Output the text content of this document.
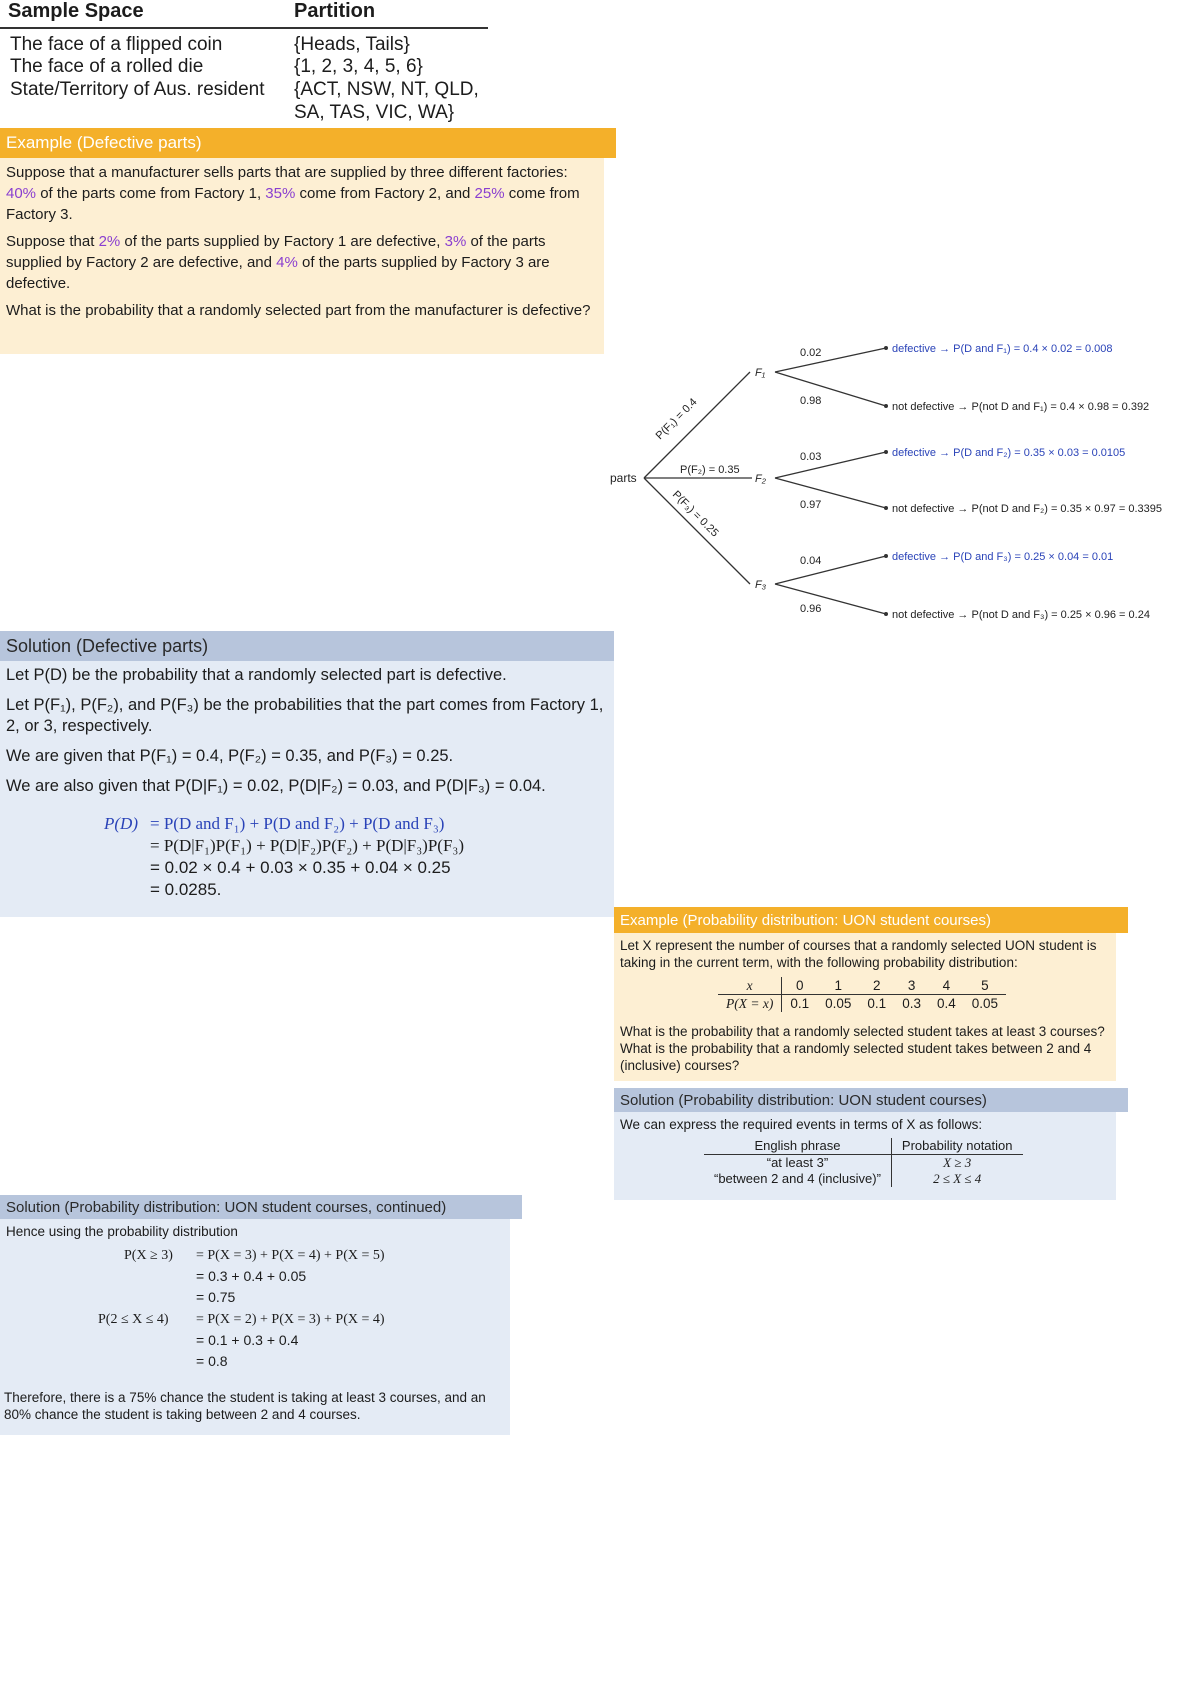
Sample Space	Partition
The face of a flipped coin	{Heads, Tails}
The face of a rolled die	{1, 2, 3, 4, 5, 6}
State/Territory of Aus. resident {ACT, NSW, NT, QLD,
SA, TAS, VIC, WA}
Example (Defective parts)

Suppose that a manufacturer sells parts that are supplied by three different factories: 40% of the parts come from Factory 1, 35% come from Factory 2, and 25% come from Factory 3.

Suppose that 2% of the parts supplied by Factory 1 are defective, 3% of the parts supplied by Factory 2 are defective, and 4% of the parts supplied by Factory 3 are defective.

What is the probability that a randomly selected part from the manufacturer is defective?

parts
P(F₁) = 0.4
P(F₂) = 0.35
P(F₃) = 0.25
F₁
F₂
F₃
0.02
0.98
0.03
0.97
0.04
0.96
defective → P(D and F₁) = 0.4 × 0.02 = 0.008
not defective → P(not D and F₁) = 0.4 × 0.98 = 0.392
defective → P(D and F₂) = 0.35 × 0.03 = 0.0105
not defective → P(not D and F₂) = 0.35 × 0.97 = 0.3395
defective → P(D and F₃) = 0.25 × 0.04 = 0.01
not defective → P(not D and F₃) = 0.25 × 0.96 = 0.24
Solution (Defective parts)

Let P(D) be the probability that a randomly selected part is defective.

Let P(F₁), P(F₂), and P(F₃) be the probabilities that the part comes from Factory 1, 2, or 3, respectively.

We are given that P(F₁) = 0.4, P(F₂) = 0.35, and P(F₃) = 0.25.

We are also given that P(D|F₁) = 0.02, P(D|F₂) = 0.03, and P(D|F₃) = 0.04.

P(D) = P(D and F₁) + P(D and F₂) + P(D and F₃)
= P(D|F₁)P(F₁) + P(D|F₂)P(F₂) + P(D|F₃)P(F₃)
= 0.02 × 0.4 + 0.03 × 0.35 + 0.04 × 0.25
= 0.0285.
Example (Probability distribution: UON student courses)

Let X represent the number of courses that a randomly selected UON student is taking in the current term, with the following probability distribution:

x	0	1	2	3	4	5
P(X = x)	0.1	0.05	0.1	0.3	0.4	0.05

What is the probability that a randomly selected student takes at least 3 courses?

What is the probability that a randomly selected student takes between 2 and 4 (inclusive) courses?

Solution (Probability distribution: UON student courses)

We can express the required events in terms of X as follows:

English phrase	Probability notation
“at least 3”	X ≥ 3
“between 2 and 4 (inclusive)”	2 ≤ X ≤ 4
Solution (Probability distribution: UON student courses, continued)

Hence using the probability distribution

P(X ≥ 3) = P(X = 3) + P(X = 4) + P(X = 5)
= 0.3 + 0.4 + 0.05
= 0.75
P(2 ≤ X ≤ 4) = P(X = 2) + P(X = 3) + P(X = 4)
= 0.1 + 0.3 + 0.4
= 0.8

Therefore, there is a 75% chance the student is taking at least 3 courses, and an 80% chance the student is taking between 2 and 4 courses.
